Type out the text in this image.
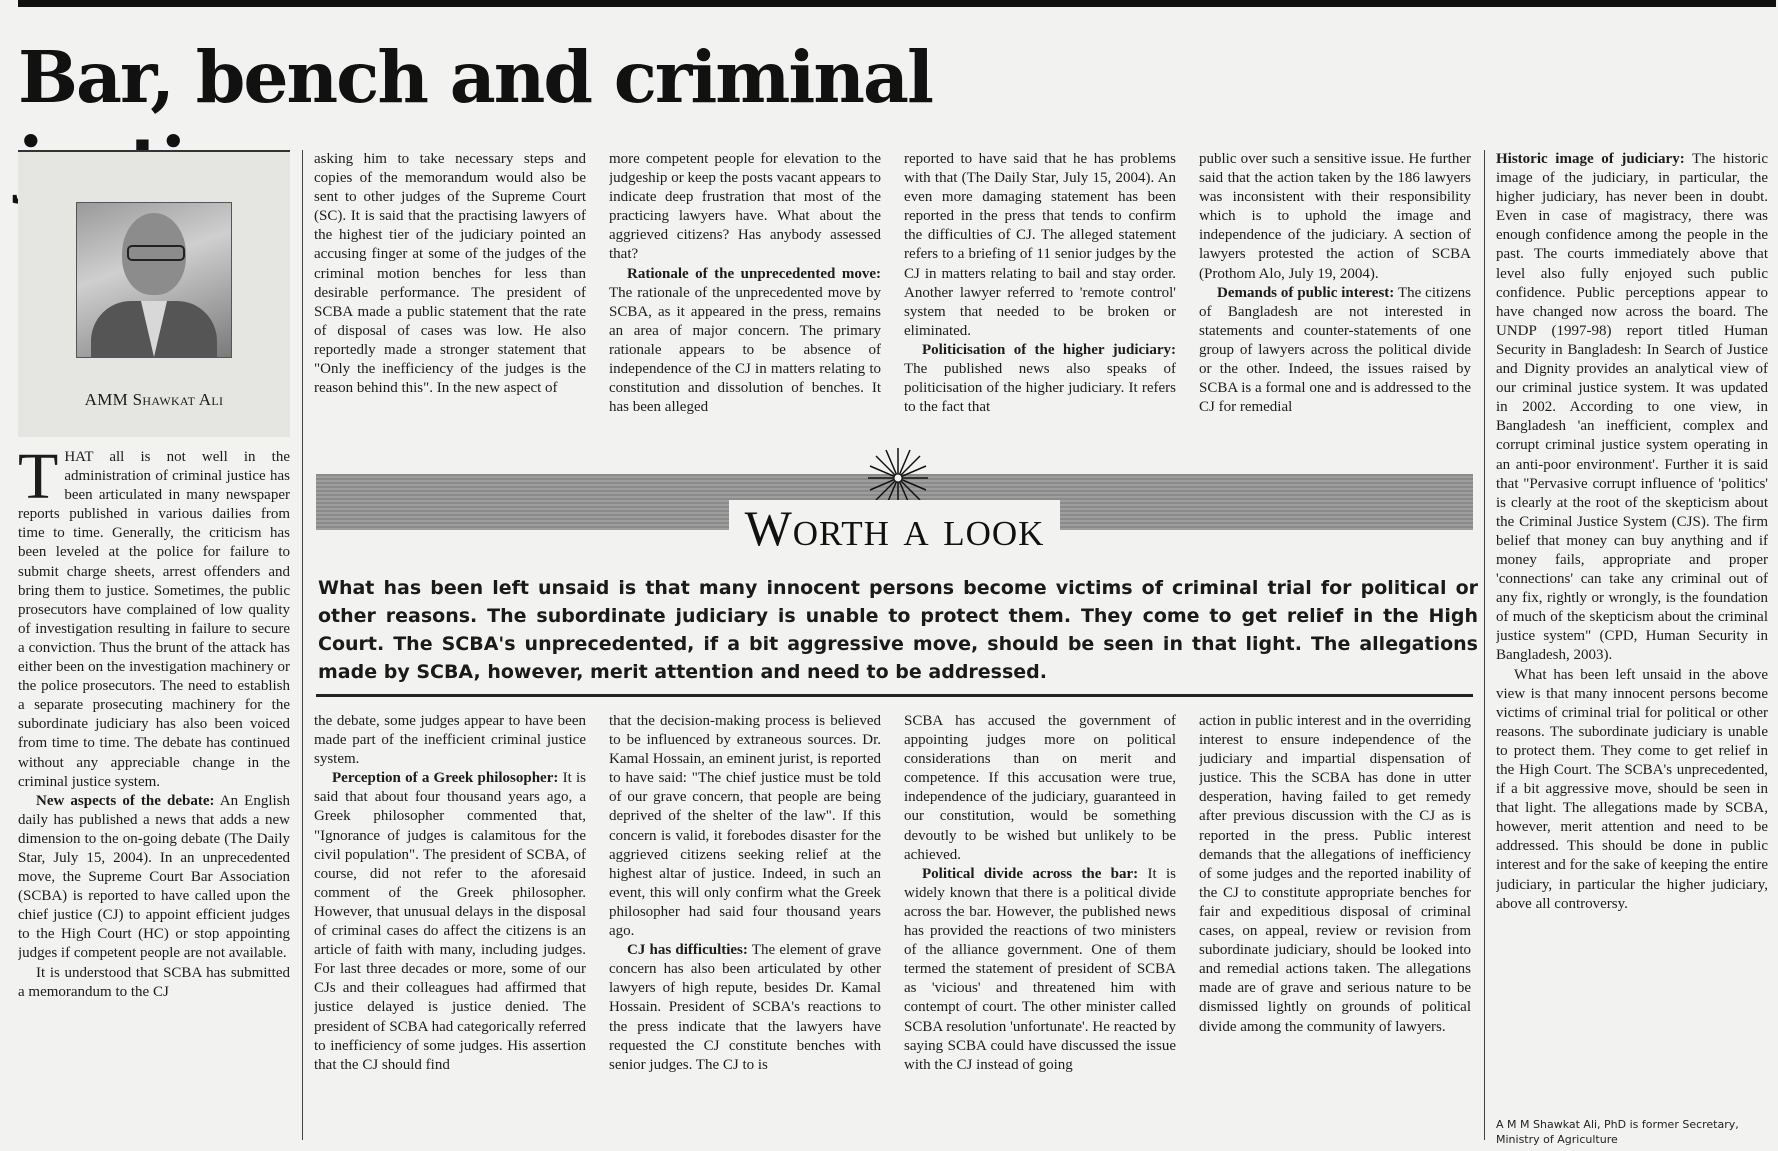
Bar, bench and criminal
AMM Shawkat Ali

THAT all is not well in the administration of criminal justice has been articulated in many newspaper reports published in various dailies from time to time. Generally, the criticism has been leveled at the police for failure to submit charge sheets, arrest offenders and bring them to justice. Sometimes, the public prosecutors have complained of low quality of investigation resulting in failure to secure a conviction. Thus the brunt of the attack has either been on the investigation machinery or the police prosecutors. The need to establish a separate prosecuting machinery for the subordinate judiciary has also been voiced from time to time. The debate has continued without any appreciable change in the criminal justice system.

New aspects of the debate: An English daily has published a news that adds a new dimension to the on-going debate (The Daily Star, July 15, 2004). In an unprecedented move, the Supreme Court Bar Association (SCBA) is reported to have called upon the chief justice (CJ) to appoint efficient judges to the High Court (HC) or stop appointing judges if competent people are not available.

It is understood that SCBA has submitted a memorandum to the CJ

asking him to take necessary steps and copies of the memorandum would also be sent to other judges of the Supreme Court (SC). It is said that the practising lawyers of the highest tier of the judiciary pointed an accusing finger at some of the judges of the criminal motion benches for less than desirable performance. The president of SCBA made a public statement that the rate of disposal of cases was low. He also reportedly made a stronger statement that "Only the inefficiency of the judges is the reason behind this". In the new aspect of

more competent people for elevation to the judgeship or keep the posts vacant appears to indicate deep frustration that most of the practicing lawyers have. What about the aggrieved citizens? Has anybody assessed that?

Rationale of the unprecedented move: The rationale of the unprecedented move by SCBA, as it appeared in the press, remains an area of major concern. The primary rationale appears to be absence of independence of the CJ in matters relating to constitution and dissolution of benches. It has been alleged

reported to have said that he has problems with that (The Daily Star, July 15, 2004). An even more damaging statement has been reported in the press that tends to confirm the difficulties of CJ. The alleged statement refers to a briefing of 11 senior judges by the CJ in matters relating to bail and stay order. Another lawyer referred to 'remote control' system that needed to be broken or eliminated.

Politicisation of the higher judiciary: The published news also speaks of politicisation of the higher judiciary. It refers to the fact that

public over such a sensitive issue. He further said that the action taken by the 186 lawyers was inconsistent with their responsibility which is to uphold the image and independence of the judiciary. A section of lawyers protested the action of SCBA (Prothom Alo, July 19, 2004).

Demands of public interest: The citizens of Bangladesh are not interested in statements and counter-statements of one group of lawyers across the political divide or the other. Indeed, the issues raised by SCBA is a formal one and is addressed to the CJ for remedial

Worth a look
What has been left unsaid is that many innocent persons become victims of criminal trial for political or other reasons. The subordinate judiciary is unable to protect them. They come to get relief in the High Court. The SCBA's unprecedented, if a bit aggressive move, should be seen in that light. The allegations made by SCBA, however, merit attention and need to be addressed.

Historic image of judiciary: The historic image of the judiciary, in particular, the higher judiciary, has never been in doubt. Even in case of magistracy, there was enough confidence among the people in the past. The courts immediately above that level also fully enjoyed such public confidence. Public perceptions appear to have changed now across the board. The UNDP (1997-98) report titled Human Security in Bangladesh: In Search of Justice and Dignity provides an analytical view of our criminal justice system. It was updated in 2002. According to one view, in Bangladesh 'an inefficient, complex and corrupt criminal justice system operating in an anti-poor environment'. Further it is said that "Pervasive corrupt influence of 'politics' is clearly at the root of the skepticism about the Criminal Justice System (CJS). The firm belief that money can buy anything and if money fails, appropriate and proper 'connections' can take any criminal out of any fix, rightly or wrongly, is the foundation of much of the skepticism about the criminal justice system" (CPD, Human Security in Bangladesh, 2003).

What has been left unsaid in the above view is that many innocent persons become victims of criminal trial for political or other reasons. The subordinate judiciary is unable to protect them. They come to get relief in the High Court. The SCBA's unprecedented, if a bit aggressive move, should be seen in that light. The allegations made by SCBA, however, merit attention and need to be addressed. This should be done in public interest and for the sake of keeping the entire judiciary, in particular the higher judiciary, above all controversy.

A M M Shawkat Ali, PhD is former Secretary, Ministry of Agriculture

the debate, some judges appear to have been made part of the inefficient criminal justice system.

Perception of a Greek philosopher: It is said that about four thousand years ago, a Greek philosopher commented that, "Ignorance of judges is calamitous for the civil population". The president of SCBA, of course, did not refer to the aforesaid comment of the Greek philosopher. However, that unusual delays in the disposal of criminal cases do affect the citizens is an article of faith with many, including judges. For last three decades or more, some of our CJs and their colleagues had affirmed that justice delayed is justice denied. The president of SCBA had categorically referred to inefficiency of some judges. His assertion that the CJ should find

that the decision-making process is believed to be influenced by extraneous sources. Dr. Kamal Hossain, an eminent jurist, is reported to have said: "The chief justice must be told of our grave concern, that people are being deprived of the shelter of the law". If this concern is valid, it forebodes disaster for the aggrieved citizens seeking relief at the highest altar of justice. Indeed, in such an event, this will only confirm what the Greek philosopher had said four thousand years ago.

CJ has difficulties: The element of grave concern has also been articulated by other lawyers of high repute, besides Dr. Kamal Hossain. President of SCBA's reactions to the press indicate that the lawyers have requested the CJ constitute benches with senior judges. The CJ to is

SCBA has accused the government of appointing judges more on political considerations than on merit and competence. If this accusation were true, independence of the judiciary, guaranteed in our constitution, would be something devoutly to be wished but unlikely to be achieved.

Political divide across the bar: It is widely known that there is a political divide across the bar. However, the published news has provided the reactions of two ministers of the alliance government. One of them termed the statement of president of SCBA as 'vicious' and threatened him with contempt of court. The other minister called SCBA resolution 'unfortunate'. He reacted by saying SCBA could have discussed the issue with the CJ instead of going

action in public interest and in the overriding interest to ensure independence of the judiciary and impartial dispensation of justice. This the SCBA has done in utter desperation, having failed to get remedy after previous discussion with the CJ as is reported in the press. Public interest demands that the allegations of inefficiency of some judges and the reported inability of the CJ to constitute appropriate benches for fair and expeditious disposal of criminal cases, on appeal, review or revision from subordinate judiciary, should be looked into and remedial actions taken. The allegations made are of grave and serious nature to be dismissed lightly on grounds of political divide among the community of lawyers.
